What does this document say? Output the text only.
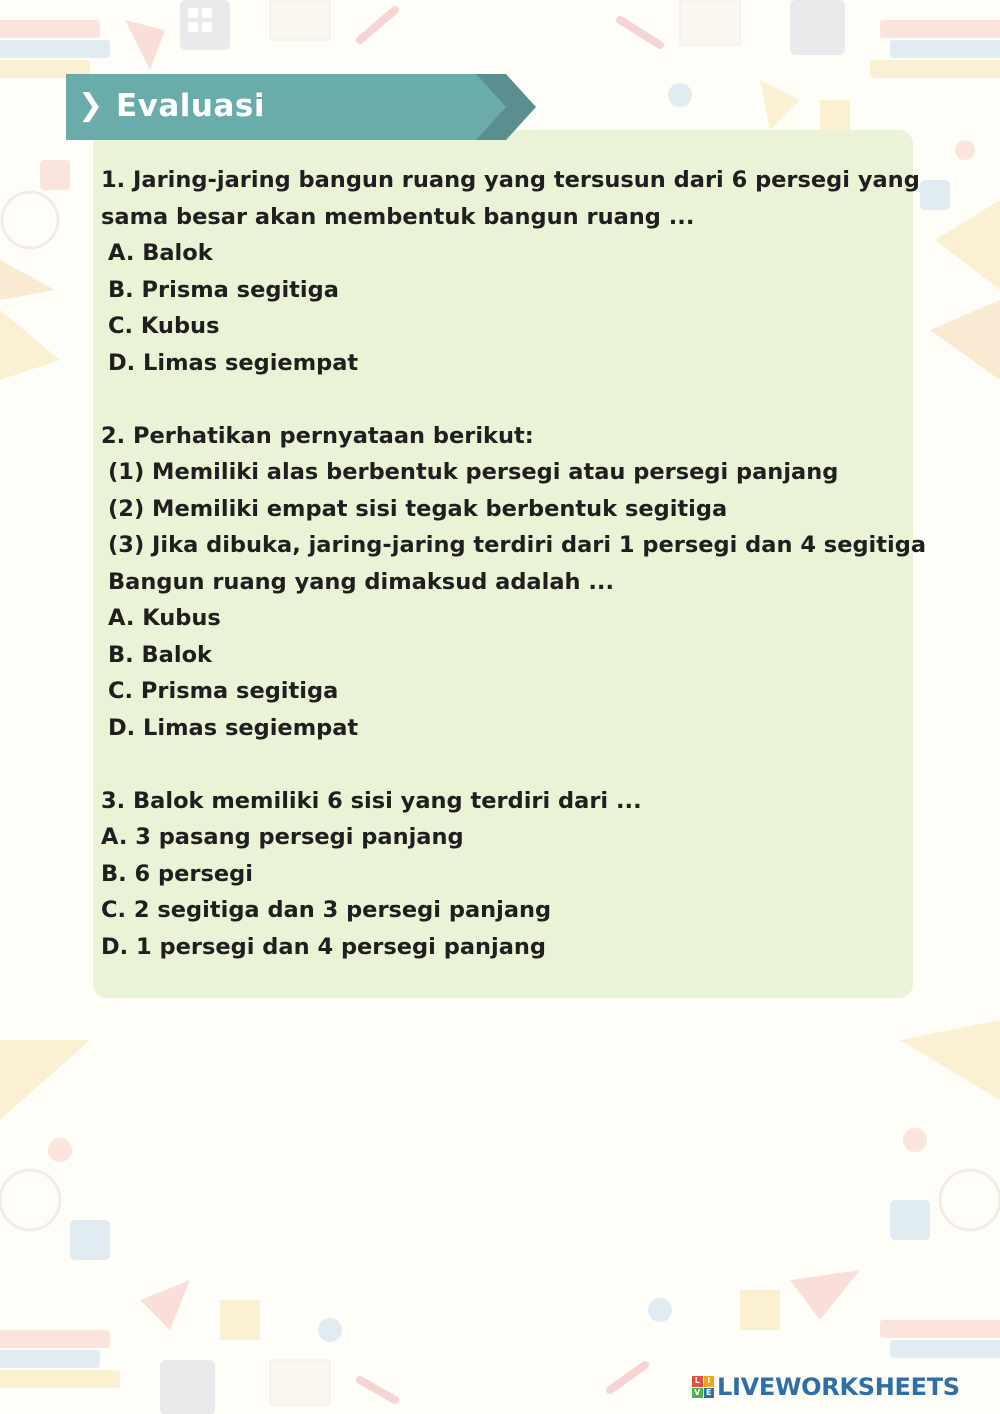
❯ Evaluasi
1. Jaring-jaring bangun ruang yang tersusun dari 6 persegi yang
sama besar akan membentuk bangun ruang ...
A. Balok
B. Prisma segitiga
C. Kubus
D. Limas segiempat
2. Perhatikan pernyataan berikut:
(1) Memiliki alas berbentuk persegi atau persegi panjang
(2) Memiliki empat sisi tegak berbentuk segitiga
(3) Jika dibuka, jaring-jaring terdiri dari 1 persegi dan 4 segitiga
Bangun ruang yang dimaksud adalah ...
A. Kubus
B. Balok
C. Prisma segitiga
D. Limas segiempat
3. Balok memiliki 6 sisi yang terdiri dari ...
A. 3 pasang persegi panjang
B. 6 persegi
C. 2 segitiga dan 3 persegi panjang
D. 1 persegi dan 4 persegi panjang
L I
V E LIVEWORKSHEETS
